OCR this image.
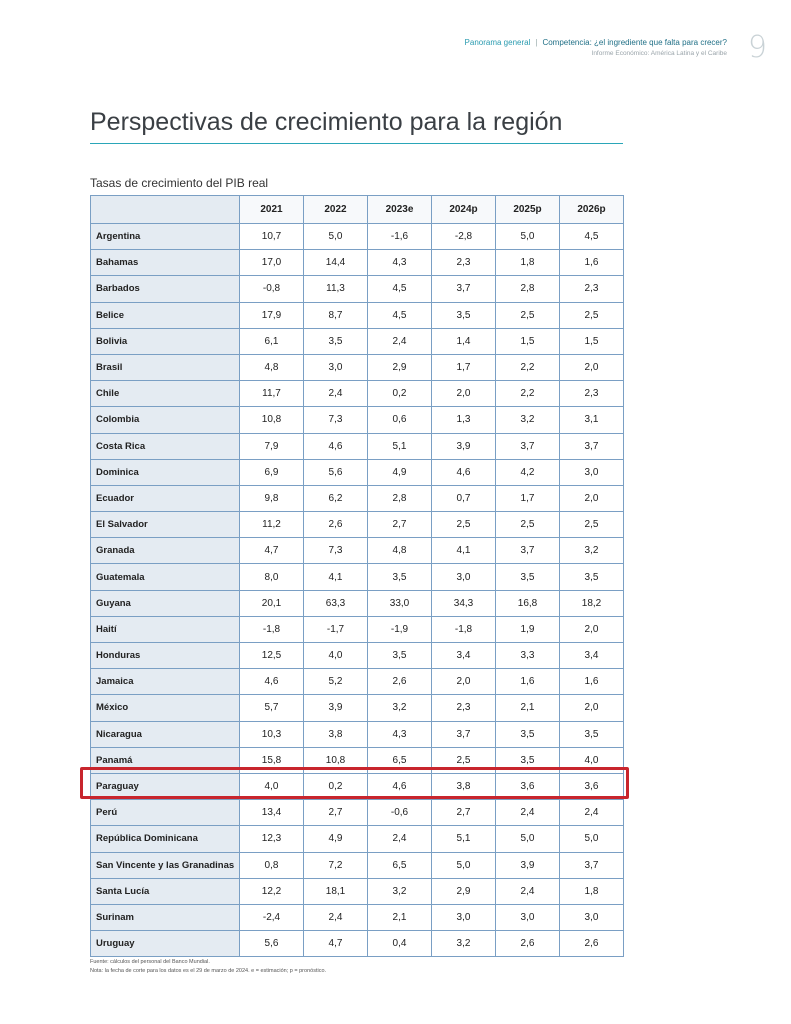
Panorama general | Competencia: ¿el ingrediente que falta para crecer?
Informe Económico: América Latina y el Caribe 9
Perspectivas de crecimiento para la región
Tasas de crecimiento del PIB real
	2021	2022	2023e	2024p	2025p	2026p
Argentina	10,7	5,0	-1,6	-2,8	5,0	4,5
Bahamas	17,0	14,4	4,3	2,3	1,8	1,6
Barbados	-0,8	11,3	4,5	3,7	2,8	2,3
Belice	17,9	8,7	4,5	3,5	2,5	2,5
Bolivia	6,1	3,5	2,4	1,4	1,5	1,5
Brasil	4,8	3,0	2,9	1,7	2,2	2,0
Chile	11,7	2,4	0,2	2,0	2,2	2,3
Colombia	10,8	7,3	0,6	1,3	3,2	3,1
Costa Rica	7,9	4,6	5,1	3,9	3,7	3,7
Dominica	6,9	5,6	4,9	4,6	4,2	3,0
Ecuador	9,8	6,2	2,8	0,7	1,7	2,0
El Salvador	11,2	2,6	2,7	2,5	2,5	2,5
Granada	4,7	7,3	4,8	4,1	3,7	3,2
Guatemala	8,0	4,1	3,5	3,0	3,5	3,5
Guyana	20,1	63,3	33,0	34,3	16,8	18,2
Haití	-1,8	-1,7	-1,9	-1,8	1,9	2,0
Honduras	12,5	4,0	3,5	3,4	3,3	3,4
Jamaica	4,6	5,2	2,6	2,0	1,6	1,6
México	5,7	3,9	3,2	2,3	2,1	2,0
Nicaragua	10,3	3,8	4,3	3,7	3,5	3,5
Panamá	15,8	10,8	6,5	2,5	3,5	4,0
Paraguay	4,0	0,2	4,6	3,8	3,6	3,6
Perú	13,4	2,7	-0,6	2,7	2,4	2,4
República Dominicana	12,3	4,9	2,4	5,1	5,0	5,0
San Vincente y las Granadinas	0,8	7,2	6,5	5,0	3,9	3,7
Santa Lucía	12,2	18,1	3,2	2,9	2,4	1,8
Surinam	-2,4	2,4	2,1	3,0	3,0	3,0
Uruguay	5,6	4,7	0,4	3,2	2,6	2,6
Fuente: cálculos del personal del Banco Mundial.
Nota: la fecha de corte para los datos es el 29 de marzo de 2024. e = estimación; p = pronóstico.
